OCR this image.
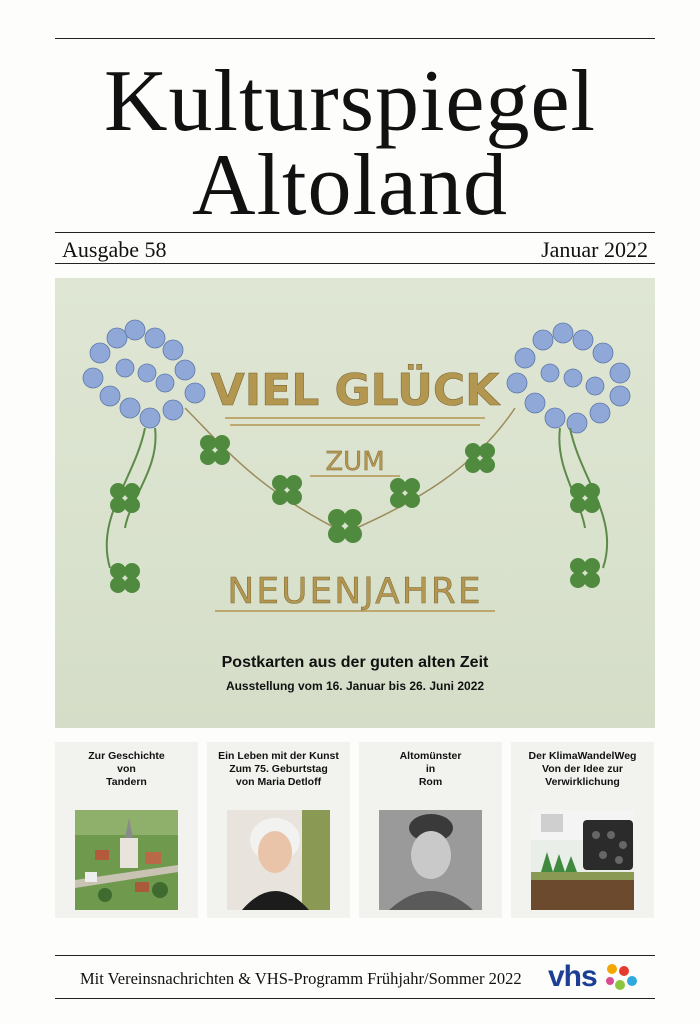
Kulturspiegel
Altoland
Ausgabe 58	Januar 2022
VIEL GLÜCK
ZUM
NEUENJAHRE
Postkarten aus der guten alten Zeit
Ausstellung vom 16. Januar bis 26. Juni 2022
Zur Geschichte
von
Tandern
Ein Leben mit der Kunst
Zum 75. Geburtstag
von Maria Detloff
Altomünster
in
Rom
Der KlimaWandelWeg
Von der Idee zur
Verwirklichung
Mit Vereinsnachrichten & VHS-Programm Frühjahr/Sommer 2022 vhs
